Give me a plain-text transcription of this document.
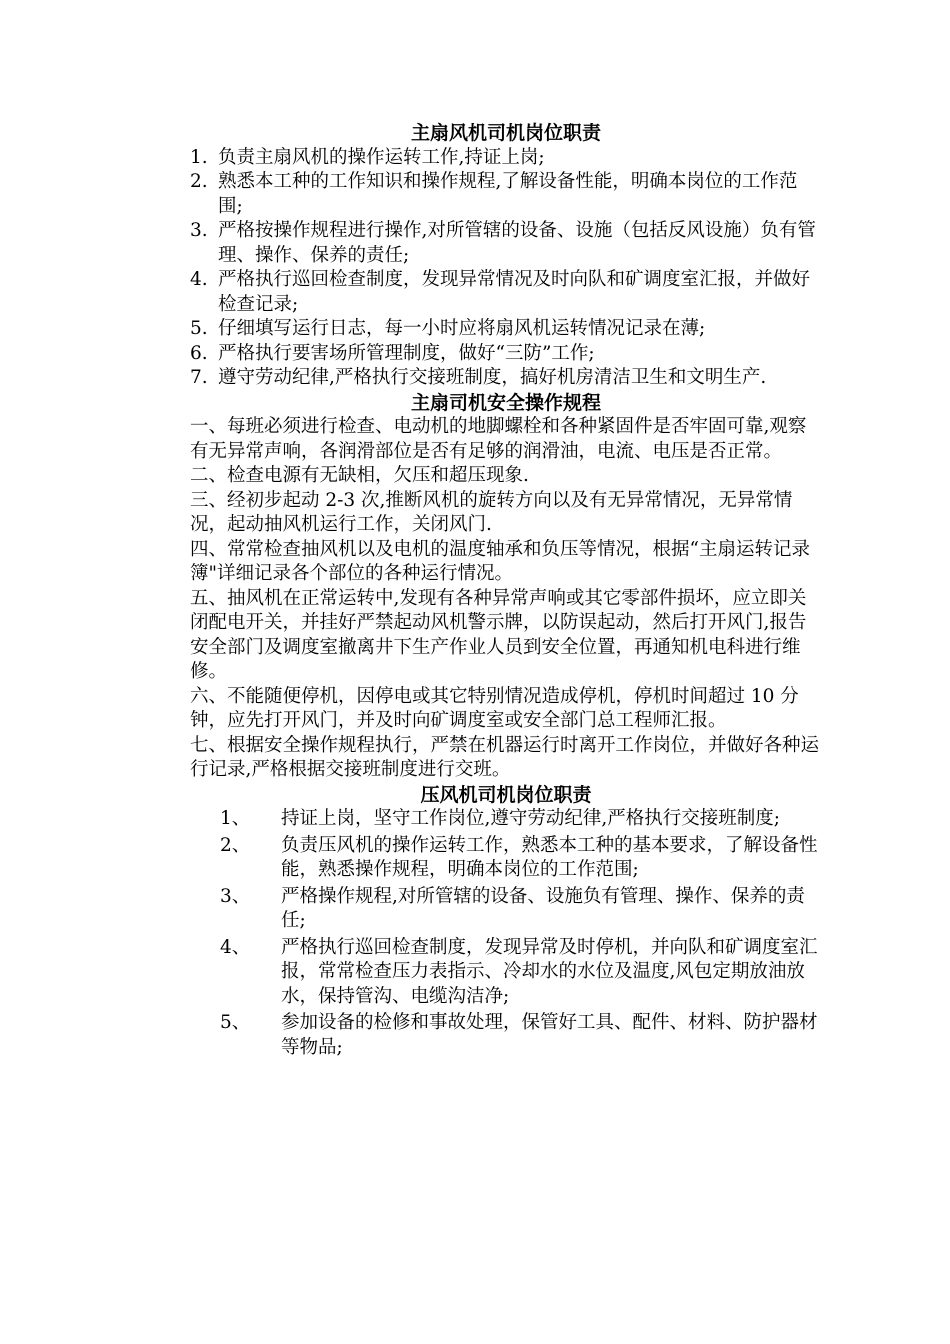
主扇风机司机岗位职责
1. 负责主扇风机的操作运转工作,持证上岗;
2. 熟悉本工种的工作知识和操作规程,了解设备性能，明确本岗位的工作范围;
3. 严格按操作规程进行操作,对所管辖的设备、设施（包括反风设施）负有管理、操作、保养的责任;
4. 严格执行巡回检查制度，发现异常情况及时向队和矿调度室汇报，并做好检查记录;
5. 仔细填写运行日志，每一小时应将扇风机运转情况记录在薄;
6. 严格执行要害场所管理制度，做好“三防”工作;
7. 遵守劳动纪律,严格执行交接班制度，搞好机房清洁卫生和文明生产.
主扇司机安全操作规程

一、每班必须进行检查、电动机的地脚螺栓和各种紧固件是否牢固可靠,观察有无异常声响，各润滑部位是否有足够的润滑油，电流、电压是否正常。

二、检查电源有无缺相，欠压和超压现象.

三、经初步起动 2-3 次,推断风机的旋转方向以及有无异常情况，无异常情况，起动抽风机运行工作，关闭风门.

四、常常检查抽风机以及电机的温度轴承和负压等情况，根据“主扇运转记录簿"详细记录各个部位的各种运行情况。

五、抽风机在正常运转中,发现有各种异常声响或其它零部件损坏，应立即关闭配电开关，并挂好严禁起动风机警示牌，以防误起动，然后打开风门,报告安全部门及调度室撤离井下生产作业人员到安全位置，再通知机电科进行维修。

六、不能随便停机，因停电或其它特别情况造成停机，停机时间超过 10 分钟，应先打开风门，并及时向矿调度室或安全部门总工程师汇报。

七、根据安全操作规程执行，严禁在机器运行时离开工作岗位，并做好各种运行记录,严格根据交接班制度进行交班。

压风机司机岗位职责
1、 持证上岗，坚守工作岗位,遵守劳动纪律,严格执行交接班制度;
2、 负责压风机的操作运转工作，熟悉本工种的基本要求，了解设备性能，熟悉操作规程，明确本岗位的工作范围;
3、 严格操作规程,对所管辖的设备、设施负有管理、操作、保养的责任;
4、 严格执行巡回检查制度，发现异常及时停机，并向队和矿调度室汇报，常常检查压力表指示、冷却水的水位及温度,风包定期放油放水，保持管沟、电缆沟洁净;
5、 参加设备的检修和事故处理，保管好工具、配件、材料、防护器材等物品;
